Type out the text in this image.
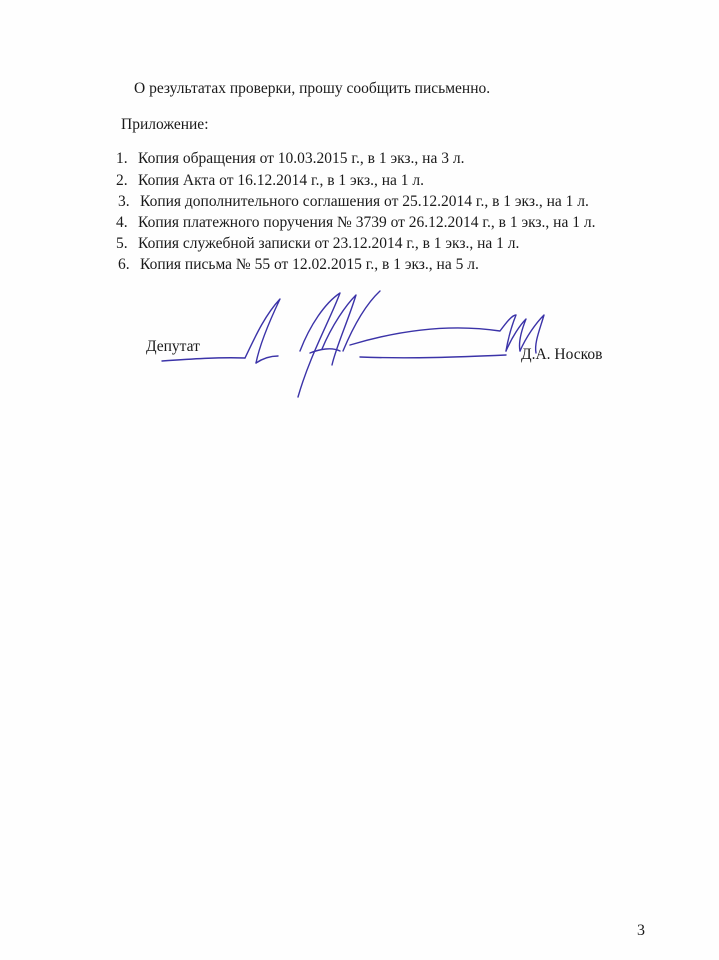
О результатах проверки, прошу сообщить письменно.
Приложение:
1. Копия обращения от 10.03.2015 г., в 1 экз., на 3 л.
2. Копия Акта от 16.12.2014 г., в 1 экз., на 1 л.
3. Копия дополнительного соглашения от 25.12.2014 г., в 1 экз., на 1 л.
4. Копия платежного поручения № 3739 от 26.12.2014 г., в 1 экз., на 1 л.
5. Копия служебной записки от 23.12.2014 г., в 1 экз., на 1 л.
6. Копия письма № 55 от 12.02.2015 г., в 1 экз., на 5 л.
Депутат	Д.А. Носков
3
